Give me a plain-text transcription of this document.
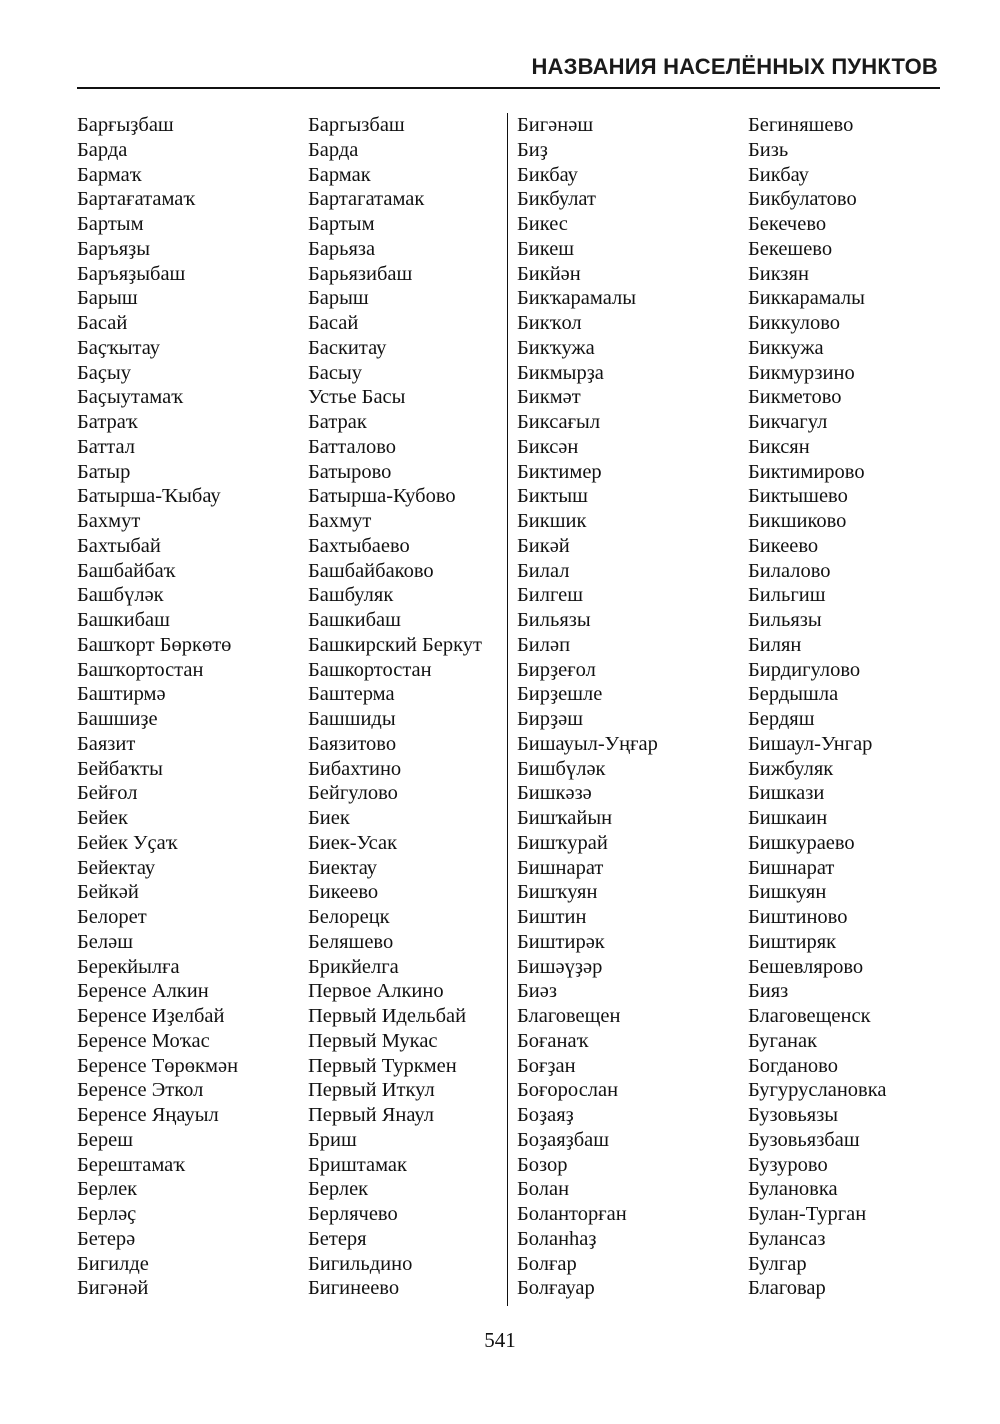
НАЗВАНИЯ НАСЕЛЁННЫХ ПУНКТОВ
Барғыҙбаш
Барда
Бармаҡ
Бартағатамаҡ
Бартым
Баръяҙы
Баръяҙыбаш
Барыш
Басай
Баҫҡытау
Баҫыу
Баҫыутамаҡ
Батраҡ
Баттал
Батыр
Батырша-Ҡыбау
Бахмут
Бахтыбай
Башбайбаҡ
Башбүләк
Башкибаш
Башҡорт Бөркөтө
Башҡортостан
Баштирмә
Башшиҙе
Баязит
Бейбаҡты
Бейғол
Бейек
Бейек Уҫаҡ
Бейектау
Бейкәй
Белорет
Беләш
Берекйылға
Беренсе Алкин
Беренсе Иҙелбай
Беренсе Моҡас
Беренсе Төрөкмән
Беренсе Эткол
Беренсе Яңауыл
Береш
Берештамаҡ
Берлек
Берләҫ
Бетерә
Бигилде
Бигәнәй
Баргызбаш
Барда
Бармак
Бартагатамак
Бартым
Барьяза
Барьязибаш
Барыш
Басай
Баскитау
Басыу
Устье Басы
Батрак
Батталово
Батырово
Батырша-Кубово
Бахмут
Бахтыбаево
Башбайбаково
Башбуляк
Башкибаш
Башкирский Беркут
Башкортостан
Баштерма
Башшиды
Баязитово
Бибахтино
Бейгулово
Биек
Биек-Усак
Биектау
Бикеево
Белорецк
Беляшево
Брикйелга
Первое Алкино
Первый Идельбай
Первый Мукас
Первый Туркмен
Первый Иткул
Первый Янаул
Бриш
Бриштамак
Берлек
Берлячево
Бетеря
Бигильдино
Бигинеево
Бигәнәш
Биҙ
Бикбау
Бикбулат
Бикес
Бикеш
Бикйән
Бикҡарамалы
Бикҡол
Бикҡужа
Бикмырҙа
Бикмәт
Биксағыл
Биксән
Биктимер
Биктыш
Бикшик
Бикәй
Билал
Билгеш
Бильязы
Биләп
Бирҙеғол
Бирҙешле
Бирҙәш
Бишауыл-Уңғар
Бишбүләк
Бишкәзә
Бишҡайын
Бишҡурай
Бишнарат
Бишҡуян
Биштин
Биштирәк
Бишәүҙәр
Биәз
Благовещен
Боғанаҡ
Боғҙан
Боғорослан
Боҙаяҙ
Боҙаяҙбаш
Бозор
Болан
Боланторған
Боланһаҙ
Болғар
Болғауар
Бегиняшево
Бизь
Бикбау
Бикбулатово
Бекечево
Бекешево
Бикзян
Биккарамалы
Биккулово
Биккужа
Бикмурзино
Бикметово
Бикчагул
Биксян
Биктимирово
Биктышево
Бикшиково
Бикеево
Билалово
Бильгиш
Бильязы
Билян
Бирдигулово
Бердышла
Бердяш
Бишаул-Унгар
Бижбуляк
Бишкази
Бишкаин
Бишкураево
Бишнарат
Бишкуян
Биштиново
Биштиряк
Бешевлярово
Бияз
Благовещенск
Буганак
Богданово
Бугуруслановка
Бузовьязы
Бузовьязбаш
Бузурово
Булановка
Булан-Турган
Булансаз
Булгар
Благовар
541
